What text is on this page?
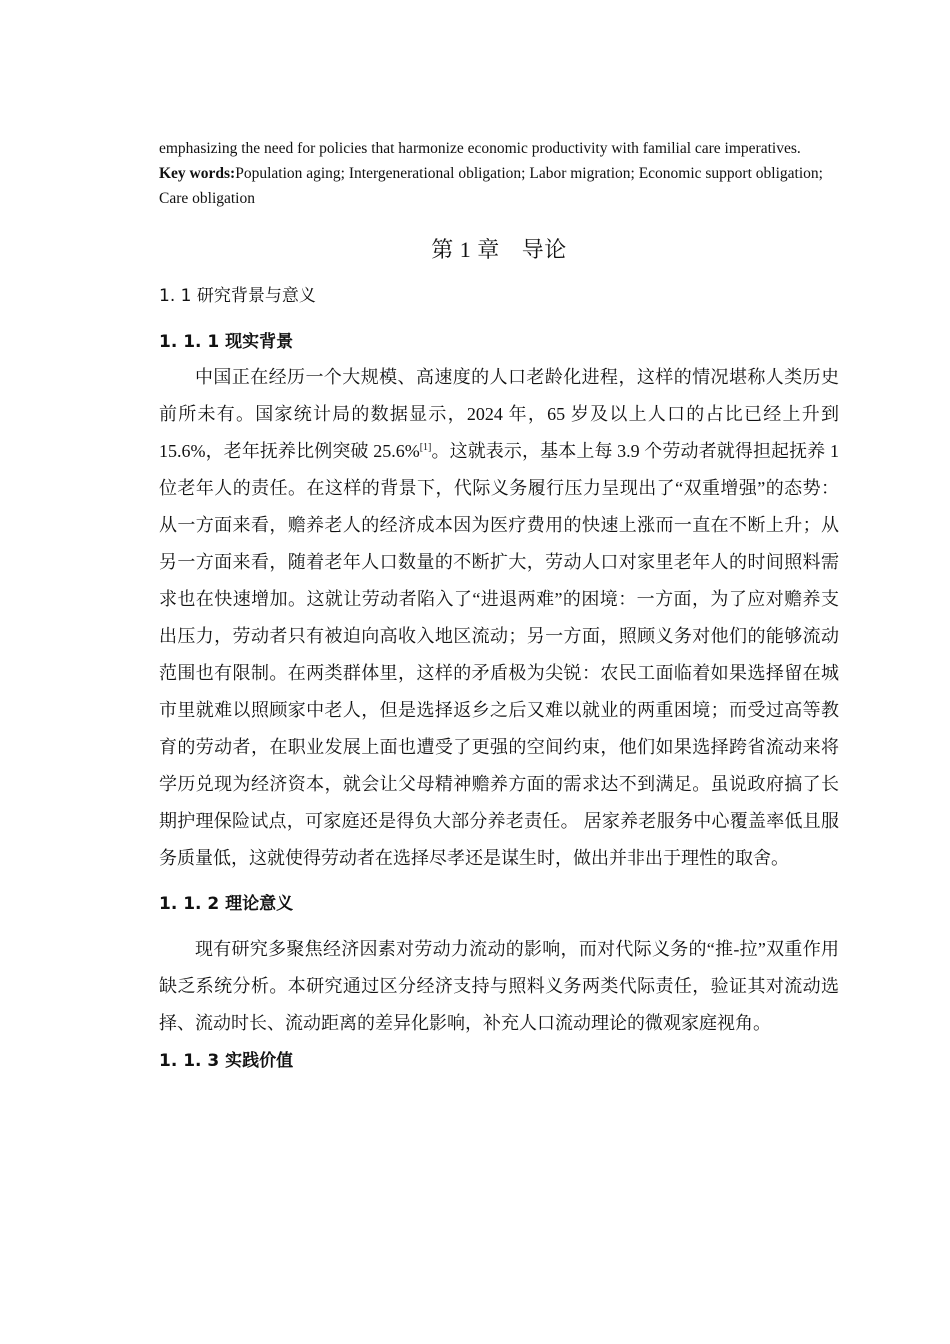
emphasizing the need for policies that harmonize economic productivity with familial care imperatives.

Key words:Population aging; Intergenerational obligation; Labor migration; Economic support obligation; Care obligation

第 1 章 导论
1. 1 研究背景与意义
1. 1. 1 现实背景

中国正在经历一个大规模、高速度的人口老龄化进程，这样的情况堪称人类历史前所未有。国家统计局的数据显示，2024 年，65 岁及以上人口的占比已经上升到 15.6%，老年抚养比例突破 25.6%[1]。这就表示，基本上每 3.9 个劳动者就得担起抚养 1 位老年人的责任。在这样的背景下，代际义务履行压力呈现出了“双重增强”的态势：从一方面来看，赡养老人的经济成本因为医疗费用的快速上涨而一直在不断上升；从另一方面来看，随着老年人口数量的不断扩大，劳动人口对家里老年人的时间照料需求也在快速增加。这就让劳动者陷入了“进退两难”的困境：一方面，为了应对赡养支出压力，劳动者只有被迫向高收入地区流动；另一方面，照顾义务对他们的能够流动范围也有限制。在两类群体里，这样的矛盾极为尖锐：农民工面临着如果选择留在城市里就难以照顾家中老人，但是选择返乡之后又难以就业的两重困境；而受过高等教育的劳动者，在职业发展上面也遭受了更强的空间约束，他们如果选择跨省流动来将学历兑现为经济资本，就会让父母精神赡养方面的需求达不到满足。虽说政府搞了长期护理保险试点，可家庭还是得负大部分养老责任。 居家养老服务中心覆盖率低且服务质量低，这就使得劳动者在选择尽孝还是谋生时，做出并非出于理性的取舍。

1. 1. 2 理论意义

现有研究多聚焦经济因素对劳动力流动的影响，而对代际义务的“推-拉”双重作用缺乏系统分析。本研究通过区分经济支持与照料义务两类代际责任，验证其对流动选择、流动时长、流动距离的差异化影响，补充人口流动理论的微观家庭视角。

1. 1. 3 实践价值
